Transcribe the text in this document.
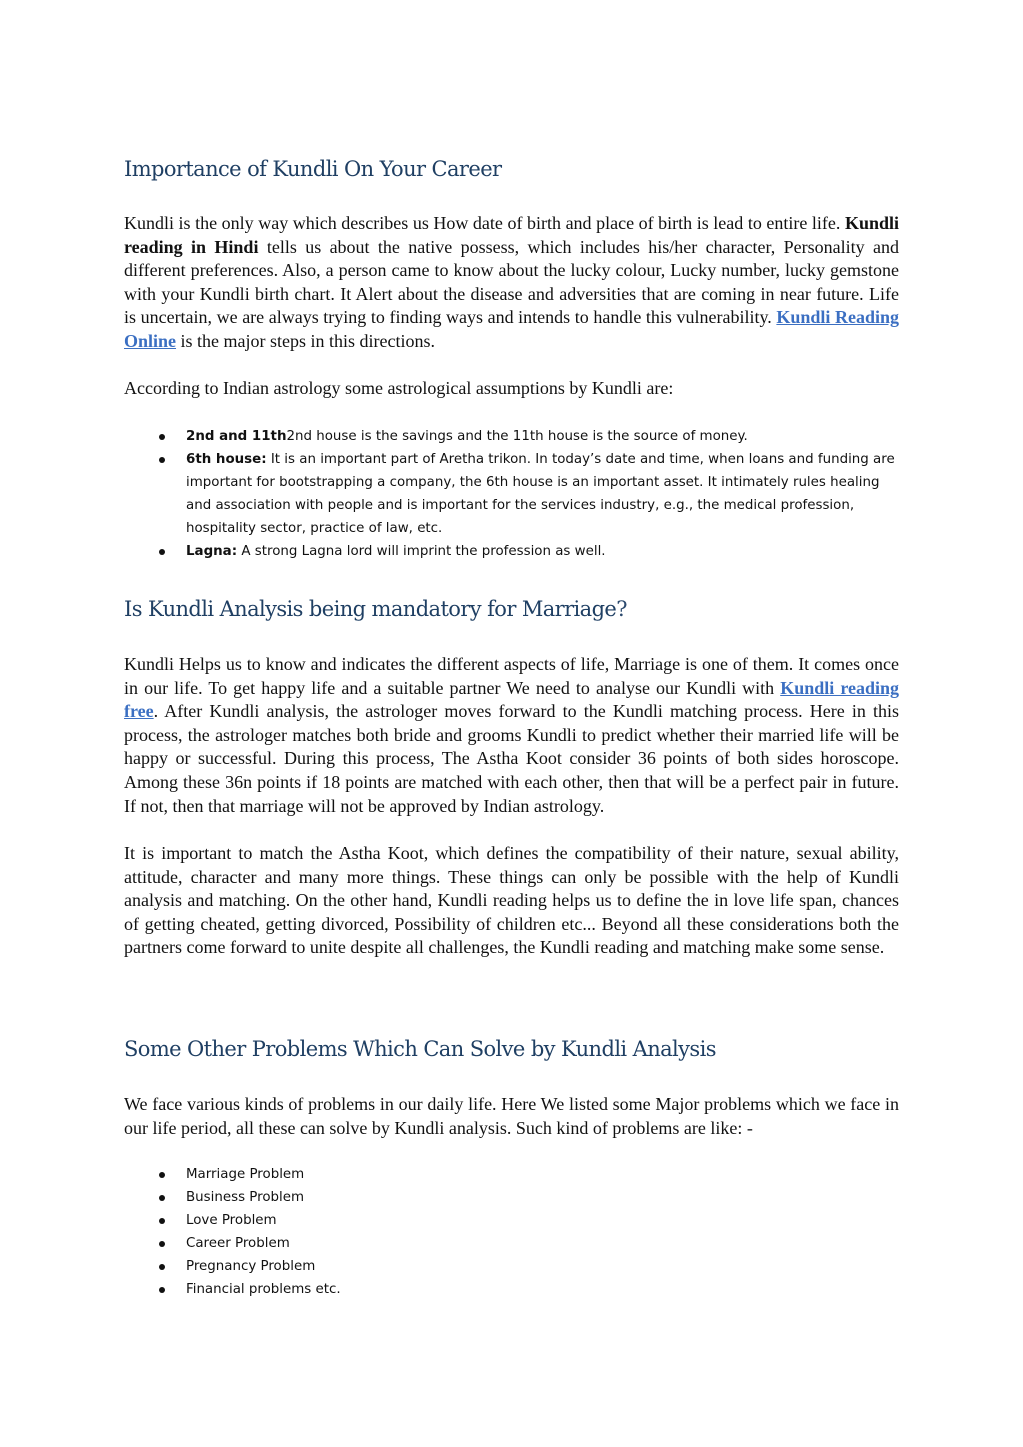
Importance of Kundli On Your Career

Kundli is the only way which describes us How date of birth and place of birth is lead to entire life. Kundli reading in Hindi tells us about the native possess, which includes his/her character, Personality and different preferences. Also, a person came to know about the lucky colour, Lucky number, lucky gemstone with your Kundli birth chart. It Alert about the disease and adversities that are coming in near future. Life is uncertain, we are always trying to finding ways and intends to handle this vulnerability. Kundli Reading Online is the major steps in this directions.

According to Indian astrology some astrological assumptions by Kundli are:

2nd and 11th2nd house is the savings and the 11th house is the source of money.
6th house: It is an important part of Aretha trikon. In today’s date and time, when loans and funding are important for bootstrapping a company, the 6th house is an important asset. It intimately rules healing and association with people and is important for the services industry, e.g., the medical profession, hospitality sector, practice of law, etc.
Lagna: A strong Lagna lord will imprint the profession as well.
Is Kundli Analysis being mandatory for Marriage?

Kundli Helps us to know and indicates the different aspects of life, Marriage is one of them. It comes once in our life. To get happy life and a suitable partner We need to analyse our Kundli with Kundli reading free. After Kundli analysis, the astrologer moves forward to the Kundli matching process. Here in this process, the astrologer matches both bride and grooms Kundli to predict whether their married life will be happy or successful. During this process, The Astha Koot consider 36 points of both sides horoscope. Among these 36n points if 18 points are matched with each other, then that will be a perfect pair in future. If not, then that marriage will not be approved by Indian astrology.

It is important to match the Astha Koot, which defines the compatibility of their nature, sexual ability, attitude, character and many more things. These things can only be possible with the help of Kundli analysis and matching. On the other hand, Kundli reading helps us to define the in love life span, chances of getting cheated, getting divorced, Possibility of children etc... Beyond all these considerations both the partners come forward to unite despite all challenges, the Kundli reading and matching make some sense.

Some Other Problems Which Can Solve by Kundli Analysis

We face various kinds of problems in our daily life. Here We listed some Major problems which we face in our life period, all these can solve by Kundli analysis. Such kind of problems are like: -

Marriage Problem
Business Problem
Love Problem
Career Problem
Pregnancy Problem
Financial problems etc.
